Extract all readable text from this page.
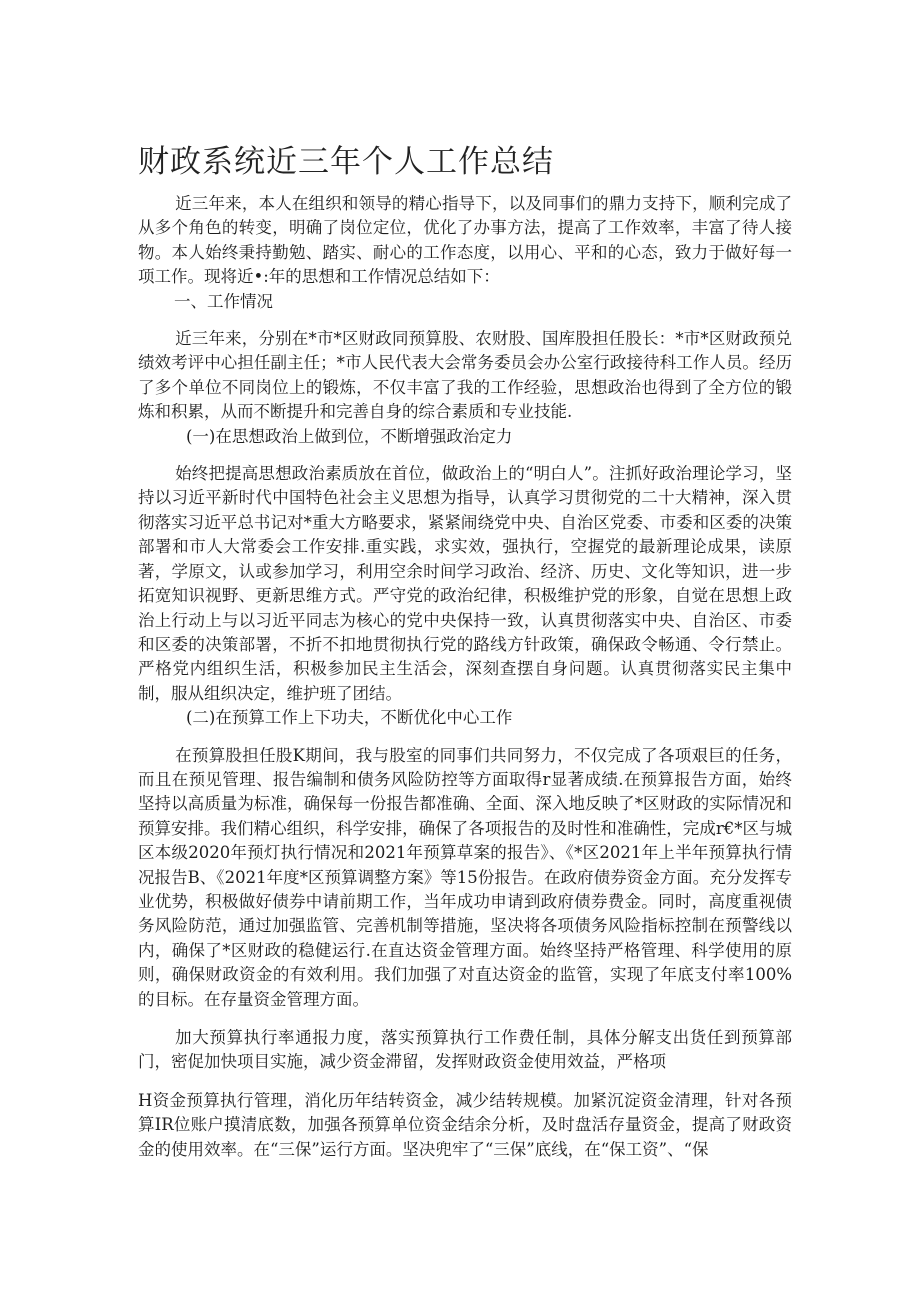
财政系统近三年个人工作总结

近三年来，本人在组织和领导的精心指导下，以及同事们的鼎力支持下，顺利完成了从多个角色的转变，明确了岗位定位，优化了办事方法，提高了工作效率，丰富了待人接物。本人始终秉持勤勉、踏实、耐心的工作态度，以用心、平和的心态，致力于做好每一项工作。现将近•:年的思想和工作情况总结如下：

一、工作情况

近三年来，分别在*市*区财政同预算股、农财股、国库股担任股长：*市*区财政预兑绩效考评中心担任副主任；*市人民代表大会常务委员会办公室行政接待科工作人员。经历了多个单位不同岗位上的锻炼，不仅丰富了我的工作经验，思想政治也得到了全方位的锻炼和积累，从而不断提升和完善自身的综合素质和专业技能.

(一)在思想政治上做到位，不断增强政治定力

始终把提高思想政治素质放在首位，做政治上的“明白人”。注抓好政治理论学习，坚持以习近平新时代中国特色社会主义思想为指导，认真学习贯彻党的二十大精神，深入贯彻落实习近平总书记对*重大方略要求，紧紧闹绕党中央、自治区党委、市委和区委的决策部署和市人大常委会工作安排.重实践，求实效，强执行，空握党的最新理论成果，读原著，学原文，认或参加学习，利用空余时间学习政治、经济、历史、文化等知识，进一步拓宽知识视野、更新思维方式。严守党的政治纪律，积极维护党的形象，自觉在思想上政治上行动上与以习近平同志为核心的党中央保持一致，认真贯彻落实中央、自治区、市委和区委的决策部署，不折不扣地贯彻执行党的路线方针政策，确保政令畅通、令行禁止。严格党内组织生活，积极参加民主生活会，深刻查摆自身问题。认真贯彻落实民主集中制，服从组织决定，维护班了团结。

(二)在预算工作上下功夫，不断优化中心工作

在预算股担任股K期间，我与股室的同事们共同努力，不仅完成了各项艰巨的任务，而且在预见管理、报告编制和债务风险防控等方面取得r显著成绩.在预算报告方面，始终坚持以高质量为标准，确保每一份报告都准确、全面、深入地反映了*区财政的实际情况和预算安排。我们精心组织，科学安排，确保了各项报告的及时性和准确性，完成r€*区与城区本级2020年预灯执行情况和2021年预算草案的报告》、《*区2021年上半年预算执行情况报告B、《2021年度*区预算调整方案》等15份报告。在政府债券资金方面。充分发挥专业优势，积极做好债券中请前期工作，当年成功申请到政府债券费金。同时，高度重视债务风险防范，通过加强监管、完善机制等措施，坚决将各项债务风险指标控制在预警线以内，确保了*区财政的稳健运行.在直达资金管理方面。始终坚持严格管理、科学使用的原则，确保财政资金的有效利用。我们加强了对直达资金的监管，实现了年底支付率100%的目标。在存量资金管理方面。

加大预算执行率通报力度，落实预算执行工作费任制，具体分解支出货任到预算部门，密促加快项目实施，减少资金滞留，发挥财政资金使用效益，严格项

H资金预算执行管理，消化历年结转资金，减少结转规模。加紧沉淀资金清理，针对各预算IR位账户摸清底数，加强各预算单位资金结余分析，及时盘活存量资金，提高了财政资金的使用效率。在“三保”运行方面。坚决兜牢了“三保”底线，在“保工资”、“保
